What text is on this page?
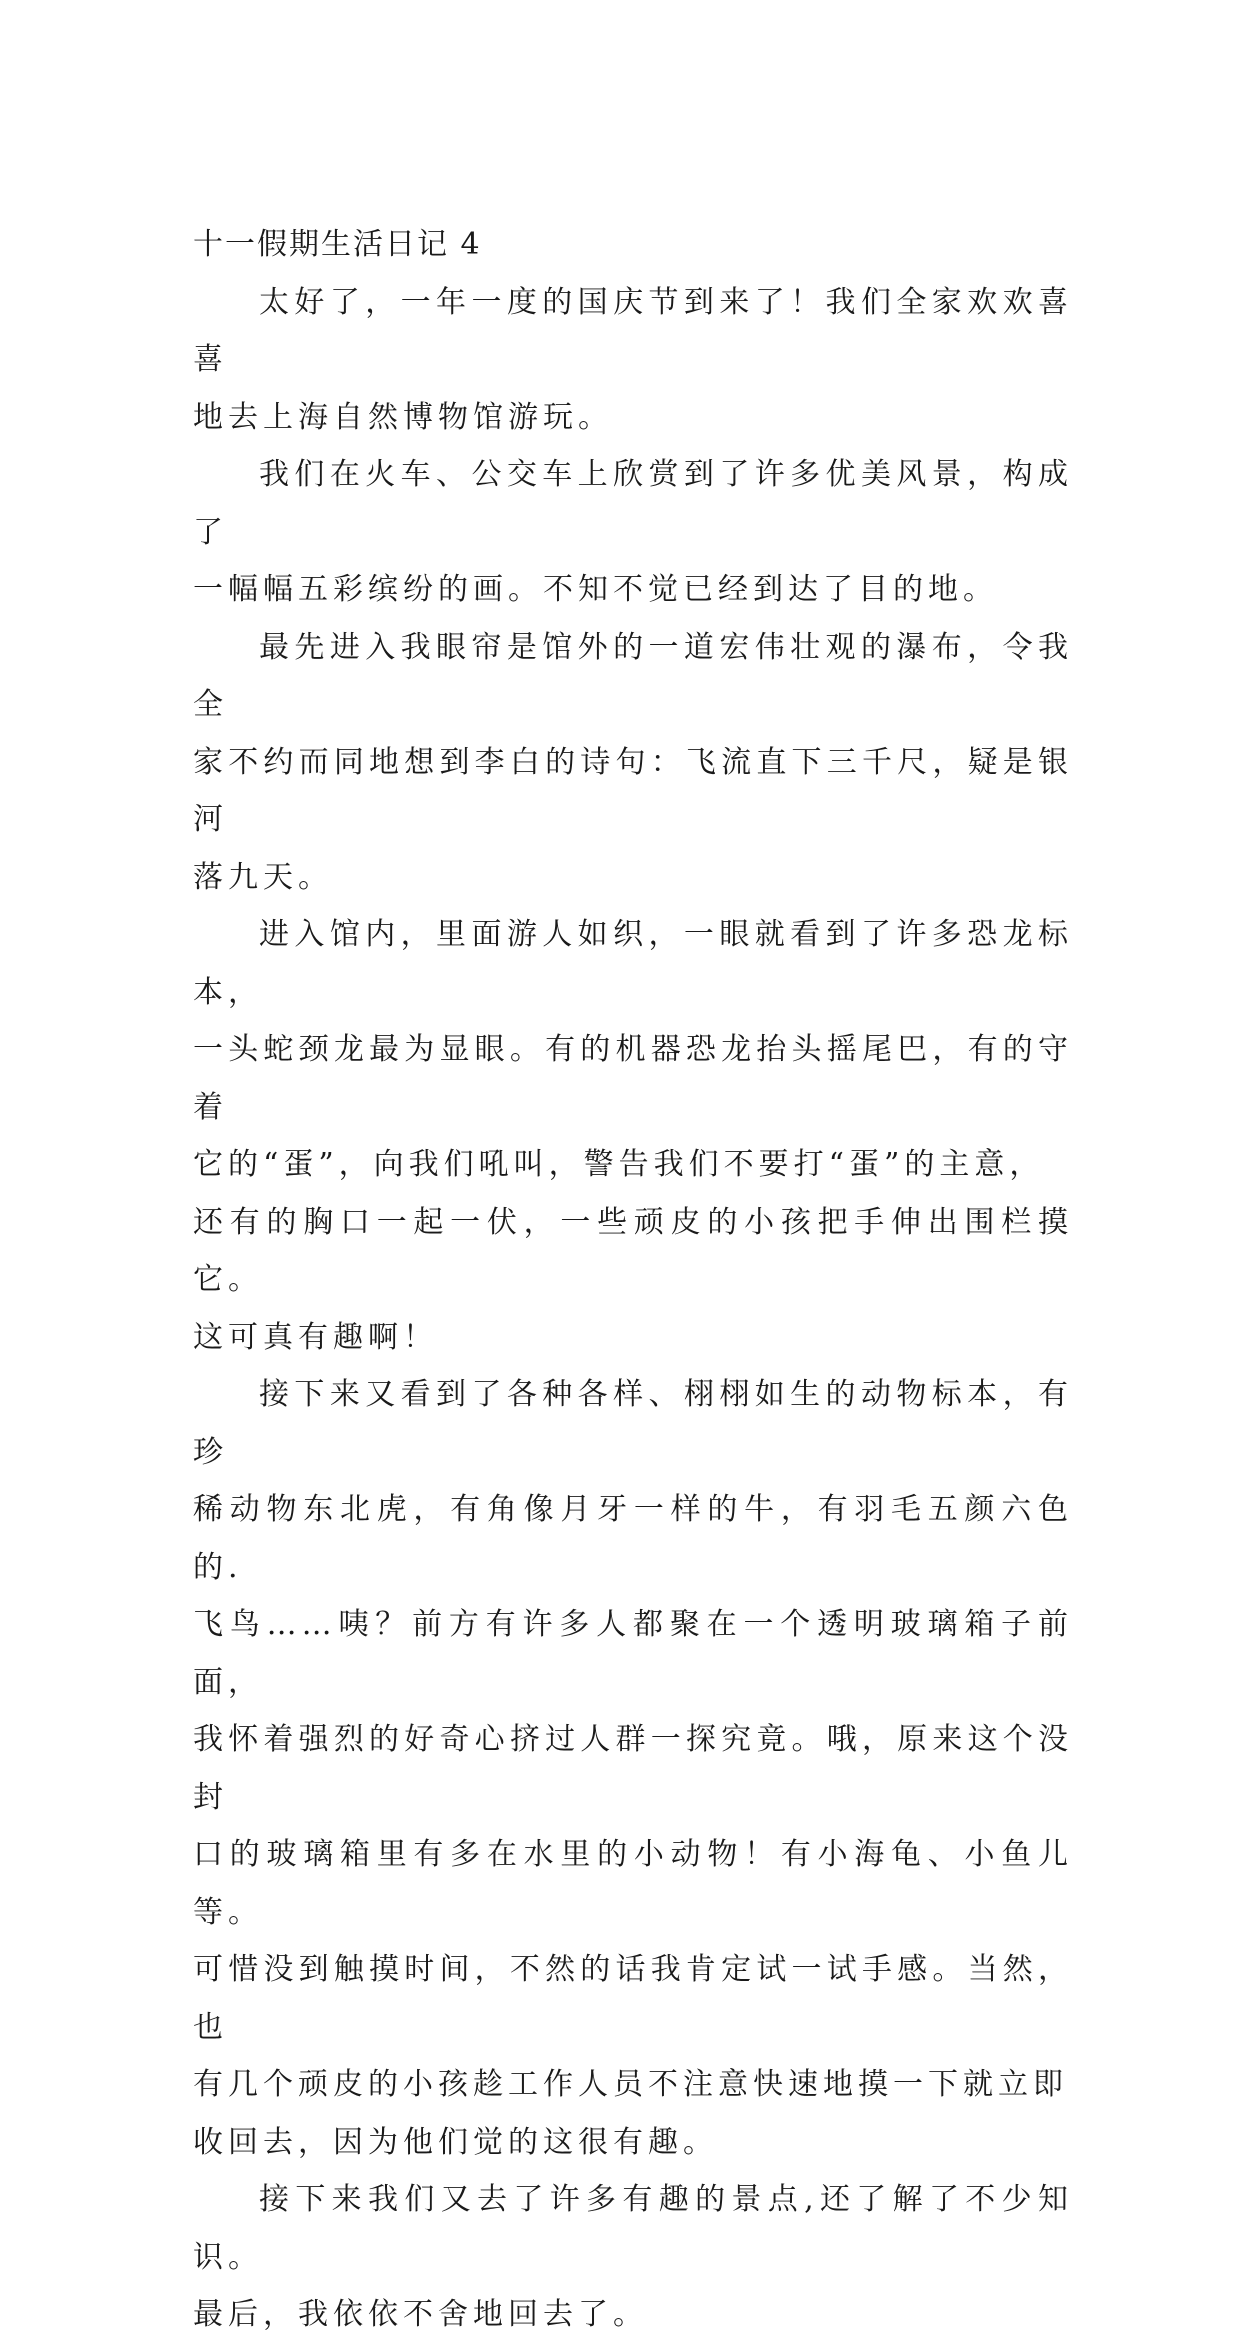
十一假期生活日记 4

太好了，一年一度的国庆节到来了！我们全家欢欢喜喜
地去上海自然博物馆游玩。

我们在火车、公交车上欣赏到了许多优美风景，构成了
一幅幅五彩缤纷的画。不知不觉已经到达了目的地。

最先进入我眼帘是馆外的一道宏伟壮观的瀑布，令我全
家不约而同地想到李白的诗句：飞流直下三千尺，疑是银河
落九天。

进入馆内，里面游人如织，一眼就看到了许多恐龙标本，
一头蛇颈龙最为显眼。有的机器恐龙抬头摇尾巴，有的守着
它的“蛋”，向我们吼叫，警告我们不要打“蛋”的主意，
还有的胸口一起一伏，一些顽皮的小孩把手伸出围栏摸它。
这可真有趣啊！

接下来又看到了各种各样、栩栩如生的动物标本，有珍
稀动物东北虎，有角像月牙一样的牛，有羽毛五颜六色的.
飞鸟……咦？前方有许多人都聚在一个透明玻璃箱子前面，
我怀着强烈的好奇心挤过人群一探究竟。哦，原来这个没封
口的玻璃箱里有多在水里的小动物！有小海龟、小鱼儿等。
可惜没到触摸时间，不然的话我肯定试一试手感。当然，也
有几个顽皮的小孩趁工作人员不注意快速地摸一下就立即
收回去，因为他们觉的这很有趣。

接下来我们又去了许多有趣的景点,还了解了不少知识。
最后，我依依不舍地回去了。
